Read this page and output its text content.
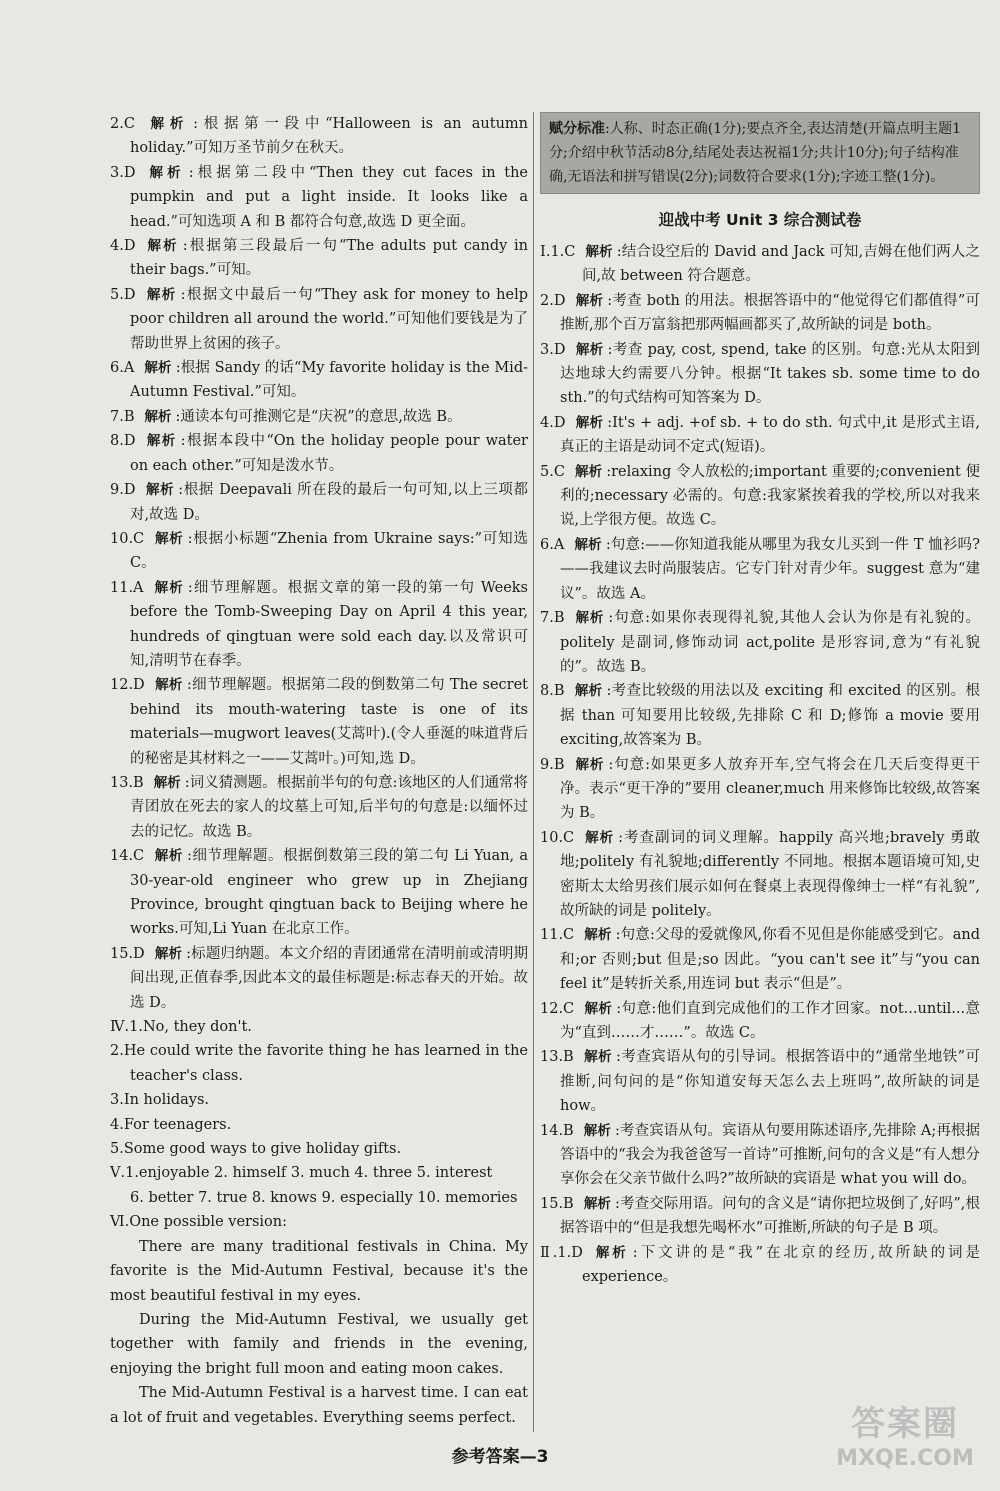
2.C 解析 :根据第一段中“Halloween is an autumn holiday.”可知万圣节前夕在秋天。

3.D 解析 :根据第二段中“Then they cut faces in the pumpkin and put a light inside. It looks like a head.”可知选项 A 和 B 都符合句意,故选 D 更全面。

4.D 解析 :根据第三段最后一句“The adults put candy in their bags.”可知。

5.D 解析 :根据文中最后一句“They ask for money to help poor children all around the world.”可知他们要钱是为了帮助世界上贫困的孩子。

6.A 解析 :根据 Sandy 的话“My favorite holiday is the Mid-Autumn Festival.”可知。

7.B 解析 :通读本句可推测它是“庆祝”的意思,故选 B。

8.D 解析 :根据本段中“On the holiday people pour water on each other.”可知是泼水节。

9.D 解析 :根据 Deepavali 所在段的最后一句可知,以上三项都对,故选 D。

10.C 解析 :根据小标题“Zhenia from Ukraine says:”可知选 C。

11.A 解析 :细节理解题。根据文章的第一段的第一句 Weeks before the Tomb-Sweeping Day on April 4 this year, hundreds of qingtuan were sold each day.以及常识可知,清明节在春季。

12.D 解析 :细节理解题。根据第二段的倒数第二句 The secret behind its mouth-watering taste is one of its materials—mugwort leaves(艾蒿叶).(令人垂涎的味道背后的秘密是其材料之一——艾蒿叶。)可知,选 D。

13.B 解析 :词义猜测题。根据前半句的句意:该地区的人们通常将青团放在死去的家人的坟墓上可知,后半句的句意是:以缅怀过去的记忆。故选 B。

14.C 解析 :细节理解题。根据倒数第三段的第二句 Li Yuan, a 30-year-old engineer who grew up in Zhejiang Province, brought qingtuan back to Beijing where he works.可知,Li Yuan 在北京工作。

15.D 解析 :标题归纳题。本文介绍的青团通常在清明前或清明期间出现,正值春季,因此本文的最佳标题是:标志春天的开始。故选 D。

Ⅳ.1.No, they don't.

2.He could write the favorite thing he has learned in the teacher's class.

3.In holidays.

4.For teenagers.

5.Some good ways to give holiday gifts.

Ⅴ.1.enjoyable 2. himself 3. much 4. three 5. interest

6. better 7. true 8. knows 9. especially 10. memories

Ⅵ.One possible version:

There are many traditional festivals in China. My favorite is the Mid-Autumn Festival, because it's the most beautiful festival in my eyes.

During the Mid-Autumn Festival, we usually get together with family and friends in the evening, enjoying the bright full moon and eating moon cakes.

The Mid-Autumn Festival is a harvest time. I can eat a lot of fruit and vegetables. Everything seems perfect.

赋分标准:人称、时态正确(1分);要点齐全,表达清楚(开篇点明主题1分;介绍中秋节活动8分,结尾处表达祝福1分;共计10分);句子结构准确,无语法和拼写错误(2分);词数符合要求(1分);字迹工整(1分)。
迎战中考 Unit 3 综合测试卷

Ⅰ.1.C 解析 :结合设空后的 David and Jack 可知,吉姆在他们两人之间,故 between 符合题意。

2.D 解析 :考查 both 的用法。根据答语中的“他觉得它们都值得”可推断,那个百万富翁把那两幅画都买了,故所缺的词是 both。

3.D 解析 :考查 pay, cost, spend, take 的区别。句意:光从太阳到达地球大约需要八分钟。根据“It takes sb. some time to do sth.”的句式结构可知答案为 D。

4.D 解析 :It's + adj. +of sb. + to do sth. 句式中,it 是形式主语,真正的主语是动词不定式(短语)。

5.C 解析 :relaxing 令人放松的;important 重要的;convenient 便利的;necessary 必需的。句意:我家紧挨着我的学校,所以对我来说,上学很方便。故选 C。

6.A 解析 :句意:——你知道我能从哪里为我女儿买到一件 T 恤衫吗?——我建议去时尚服装店。它专门针对青少年。suggest 意为“建议”。故选 A。

7.B 解析 :句意:如果你表现得礼貌,其他人会认为你是有礼貌的。politely 是副词,修饰动词 act,polite 是形容词,意为“有礼貌的”。故选 B。

8.B 解析 :考查比较级的用法以及 exciting 和 excited 的区别。根据 than 可知要用比较级,先排除 C 和 D;修饰 a movie 要用 exciting,故答案为 B。

9.B 解析 :句意:如果更多人放弃开车,空气将会在几天后变得更干净。表示“更干净的”要用 cleaner,much 用来修饰比较级,故答案为 B。

10.C 解析 :考查副词的词义理解。happily 高兴地;bravely 勇敢地;politely 有礼貌地;differently 不同地。根据本题语境可知,史密斯太太给男孩们展示如何在餐桌上表现得像绅士一样“有礼貌”,故所缺的词是 politely。

11.C 解析 :句意:父母的爱就像风,你看不见但是你能感受到它。and 和;or 否则;but 但是;so 因此。“you can't see it”与“you can feel it”是转折关系,用连词 but 表示“但是”。

12.C 解析 :句意:他们直到完成他们的工作才回家。not...until...意为“直到……才……”。故选 C。

13.B 解析 :考查宾语从句的引导词。根据答语中的“通常坐地铁”可推断,问句问的是“你知道安每天怎么去上班吗”,故所缺的词是 how。

14.B 解析 :考查宾语从句。宾语从句要用陈述语序,先排除 A;再根据答语中的“我会为我爸爸写一首诗”可推断,问句的含义是“有人想分享你会在父亲节做什么吗?”故所缺的宾语是 what you will do。

15.B 解析 :考查交际用语。问句的含义是“请你把垃圾倒了,好吗”,根据答语中的“但是我想先喝杯水”可推断,所缺的句子是 B 项。

Ⅱ.1.D 解析 :下文讲的是“我”在北京的经历,故所缺的词是 experience。

参考答案—3
答案圈
MXQE.COM
